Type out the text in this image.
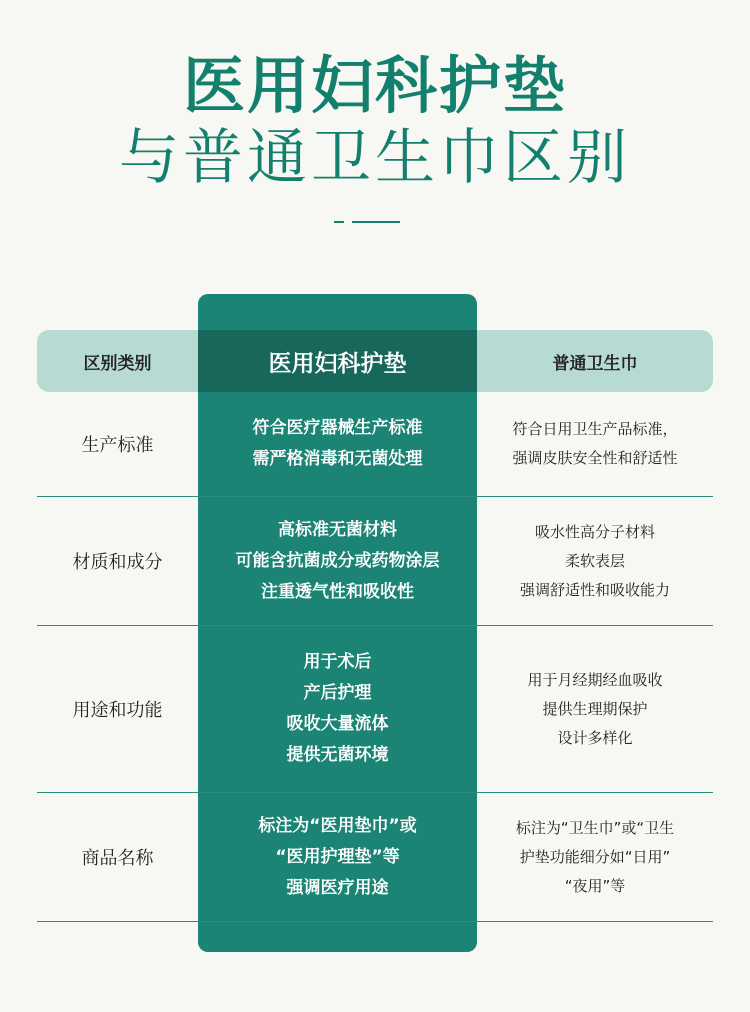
医用妇科护垫
与普通卫生巾区别
区别类别	医用妇科护垫	普通卫生巾
生产标准
符合医疗器械生产标准
需严格消毒和无菌处理
符合日用卫生产品标准，
强调皮肤安全性和舒适性
材质和成分
高标准无菌材料
可能含抗菌成分或药物涂层
注重透气性和吸收性
吸水性高分子材料
柔软表层
强调舒适性和吸收能力
用途和功能
用于术后
产后护理
吸收大量流体
提供无菌环境
用于月经期经血吸收
提供生理期保护
设计多样化
商品名称
标注为“医用垫巾”或
“医用护理垫”等
强调医疗用途
标注为“卫生巾”或“卫生
护垫功能细分如“日用”
“夜用”等
